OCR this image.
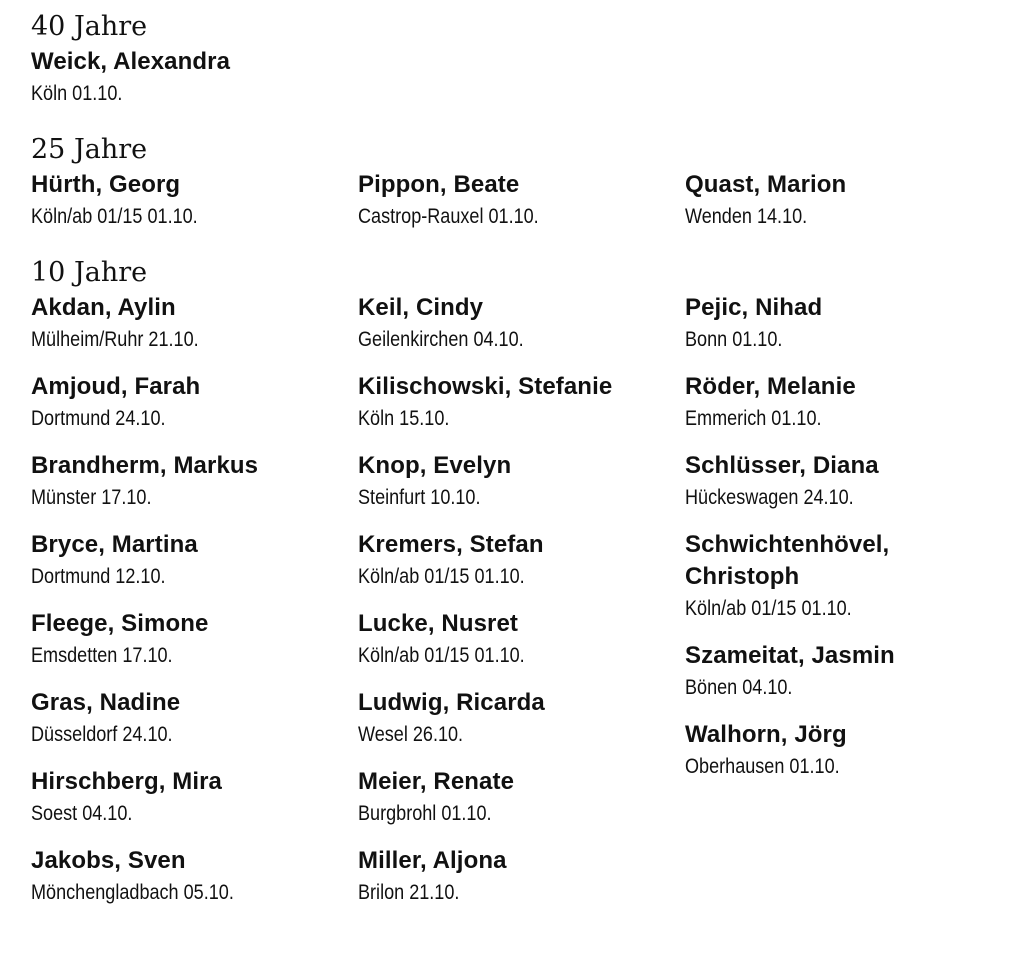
40 Jahre
Weick, Alexandra
Köln 01.10.
25 Jahre
Hürth, Georg
Köln/ab 01/15 01.10.
Pippon, Beate
Castrop-Rauxel 01.10.
Quast, Marion
Wenden 14.10.
10 Jahre
Akdan, Aylin
Mülheim/Ruhr 21.10.
Amjoud, Farah
Dortmund 24.10.
Brandherm, Markus
Münster 17.10.
Bryce, Martina
Dortmund 12.10.
Fleege, Simone
Emsdetten 17.10.
Gras, Nadine
Düsseldorf 24.10.
Hirschberg, Mira
Soest 04.10.
Jakobs, Sven
Mönchengladbach 05.10.
Keil, Cindy
Geilenkirchen 04.10.
Kilischowski, Stefanie
Köln 15.10.
Knop, Evelyn
Steinfurt 10.10.
Kremers, Stefan
Köln/ab 01/15 01.10.
Lucke, Nusret
Köln/ab 01/15 01.10.
Ludwig, Ricarda
Wesel 26.10.
Meier, Renate
Burgbrohl 01.10.
Miller, Aljona
Brilon 21.10.
Pejic, Nihad
Bonn 01.10.
Röder, Melanie
Emmerich 01.10.
Schlüsser, Diana
Hückeswagen 24.10.
Schwichtenhövel, Christoph
Köln/ab 01/15 01.10.
Szameitat, Jasmin
Bönen 04.10.
Walhorn, Jörg
Oberhausen 01.10.
